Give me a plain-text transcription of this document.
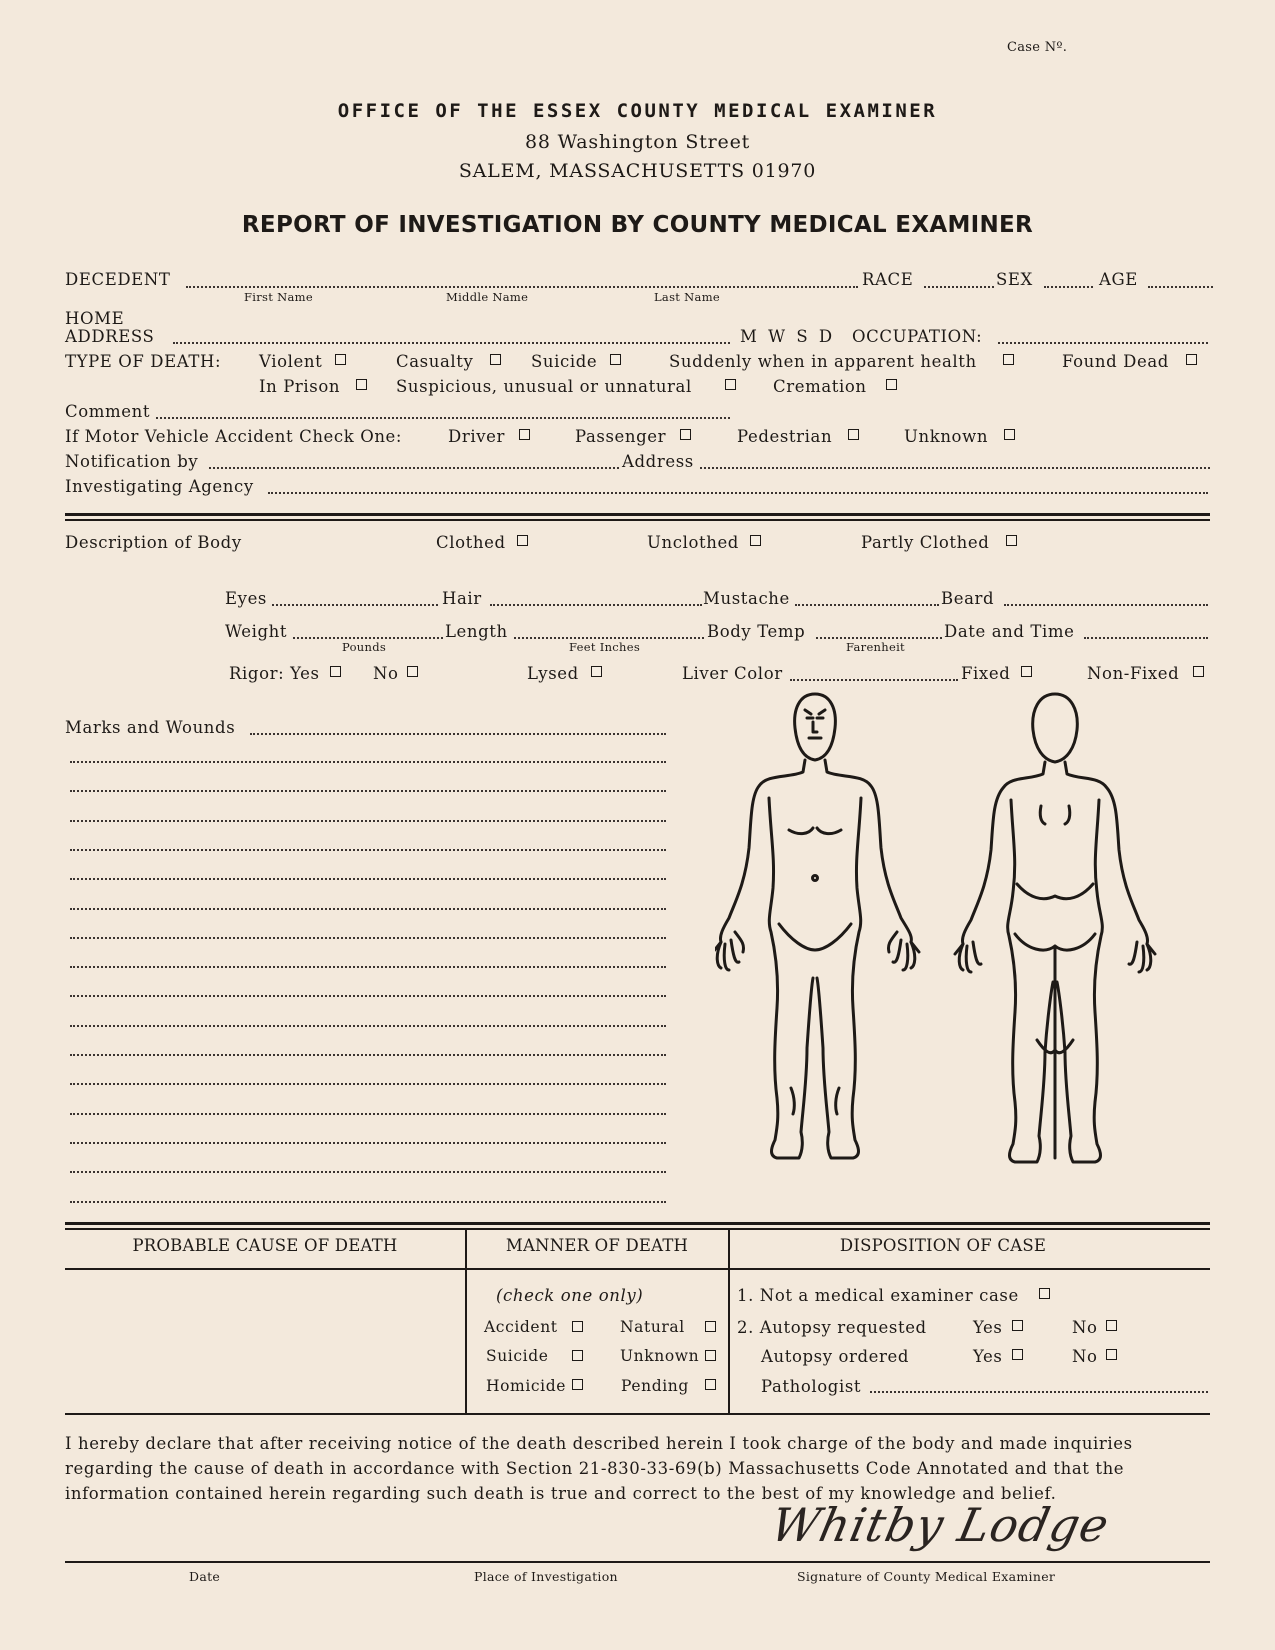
Case Nº.
OFFICE OF THE ESSEX COUNTY MEDICAL EXAMINER
88 Washington Street
SALEM, MASSACHUSETTS 01970
REPORT OF INVESTIGATION BY COUNTY MEDICAL EXAMINER
DECEDENT	RACE	SEX	AGE
First Name	Middle Name	Last Name
HOME
ADDRESS	M W S D OCCUPATION:
TYPE OF DEATH: Violent	Casualty	Suicide	Suddenly when in apparent health	Found Dead
In Prison	Suspicious, unusual or unnatural	Cremation
Comment
If Motor Vehicle Accident Check One:	Driver	Passenger	Pedestrian	Unknown
Notification by	Address
Investigating Agency
Description of Body	Clothed	Unclothed	Partly Clothed
Eyes	Hair	Mustache	Beard
Weight	Length	Body Temp	Date and Time
Pounds	Feet Inches	Farenheit
Rigor: Yes	No	Lysed	Liver Color	Fixed	Non-Fixed
Marks and Wounds
PROBABLE CAUSE OF DEATH	MANNER OF DEATH	DISPOSITION OF CASE
(check one only)
Accident	Natural
Suicide	Unknown
Homicide	Pending
1. Not a medical examiner case
2. Autopsy requested	Yes	No
Autopsy ordered	Yes	No
Pathologist
I hereby declare that after receiving notice of the death described herein I took charge of the body and made inquiries
regarding the cause of death in accordance with Section 21-830-33-69(b) Massachusetts Code Annotated and that the
information contained herein regarding such death is true and correct to the best of my knowledge and belief.
Whitby Lodge
Date	Place of Investigation	Signature of County Medical Examiner
